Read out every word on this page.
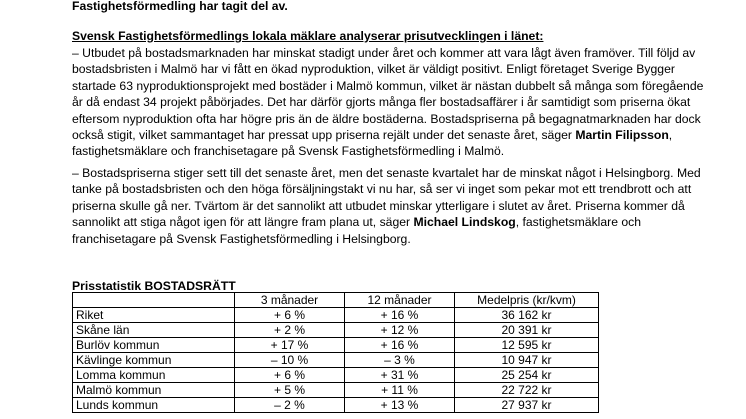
Fastighetsförmedling har tagit del av.
Svensk Fastighetsförmedlings lokala mäklare analyserar prisutvecklingen i länet:
– Utbudet på bostadsmarknaden har minskat stadigt under året och kommer att vara lågt även framöver. Till följd av
bostadsbristen i Malmö har vi fått en ökad nyproduktion, vilket är väldigt positivt. Enligt företaget Sverige Bygger
startade 63 nyproduktionsprojekt med bostäder i Malmö kommun, vilket är nästan dubbelt så många som föregående
år då endast 34 projekt påbörjades. Det har därför gjorts många fler bostadsaffärer i år samtidigt som priserna ökat
eftersom nyproduktion ofta har högre pris än de äldre bostäderna. Bostadspriserna på begagnatmarknaden har dock
också stigit, vilket sammantaget har pressat upp priserna rejält under det senaste året, säger Martin Filipsson,
fastighetsmäklare och franchisetagare på Svensk Fastighetsförmedling i Malmö.
– Bostadspriserna stiger sett till det senaste året, men det senaste kvartalet har de minskat något i Helsingborg. Med
tanke på bostadsbristen och den höga försäljningstakt vi nu har, så ser vi inget som pekar mot ett trendbrott och att
priserna skulle gå ner. Tvärtom är det sannolikt att utbudet minskar ytterligare i slutet av året. Priserna kommer då
sannolikt att stiga något igen för att längre fram plana ut, säger Michael Lindskog, fastighetsmäklare och
franchisetagare på Svensk Fastighetsförmedling i Helsingborg.
Prisstatistik BOSTADSRÄTT
	3 månader	12 månader	Medelpris (kr/kvm)
Riket	+ 6 %	+ 16 %	36 162 kr
Skåne län	+ 2 %	+ 12 %	20 391 kr
Burlöv kommun	+ 17 %	+ 16 %	12 595 kr
Kävlinge kommun	– 10 %	– 3 %	10 947 kr
Lomma kommun	+ 6 %	+ 31 %	25 254 kr
Malmö kommun	+ 5 %	+ 11 %	22 722 kr
Lunds kommun	– 2 %	+ 13 %	27 937 kr
